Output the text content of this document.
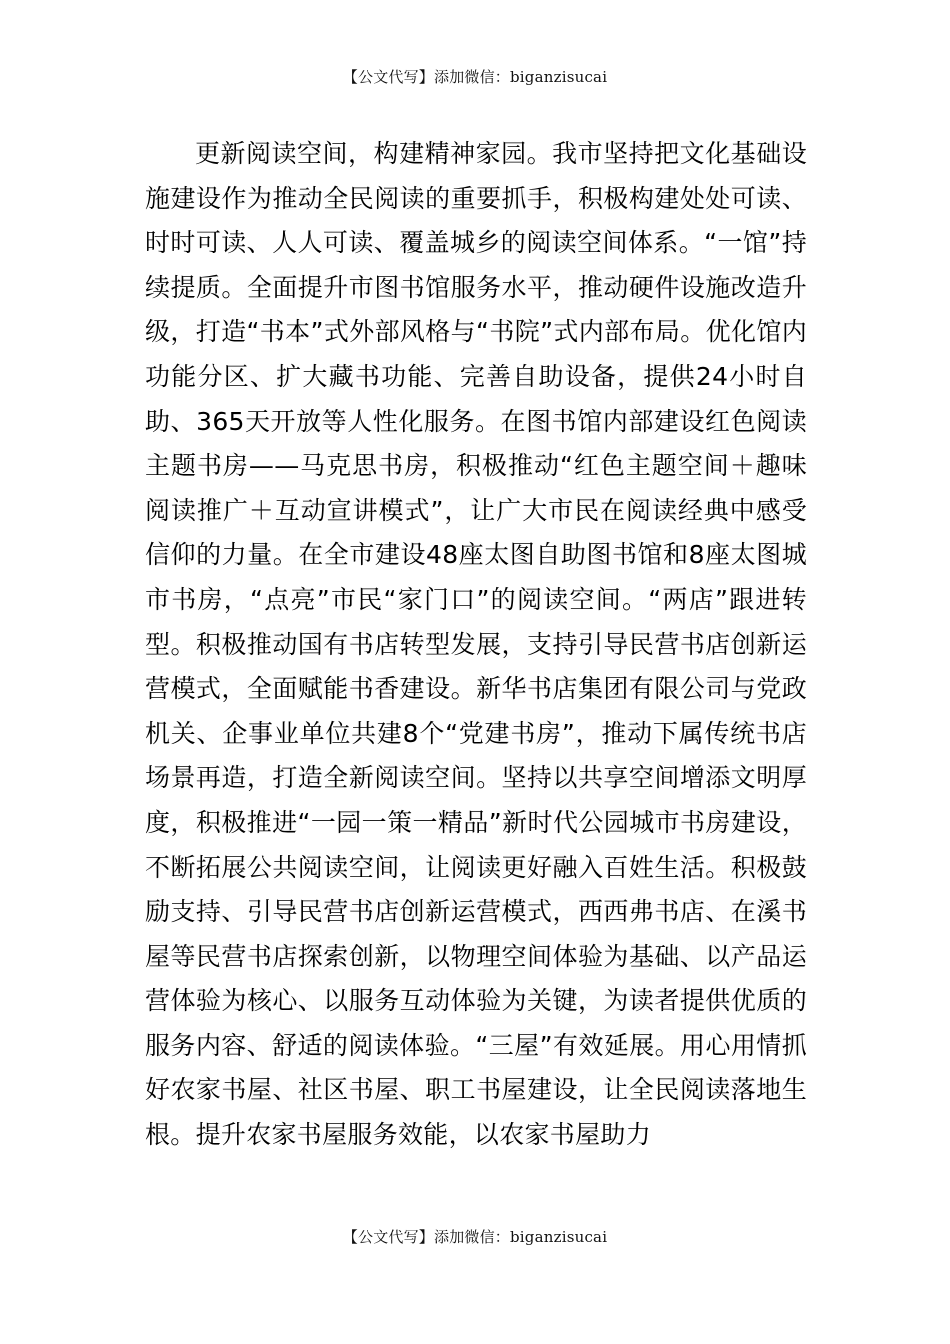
【公文代写】添加微信：biganzisucai

更新阅读空间，构建精神家园。我市坚持把文化基础设施建设作为推动全民阅读的重要抓手，积极构建处处可读、时时可读、人人可读、覆盖城乡的阅读空间体系。“一馆”持续提质。全面提升市图书馆服务水平，推动硬件设施改造升级，打造“书本”式外部风格与“书院”式内部布局。优化馆内功能分区、扩大藏书功能、完善自助设备，提供24小时自助、365天开放等人性化服务。在图书馆内部建设红色阅读主题书房——马克思书房，积极推动“红色主题空间＋趣味阅读推广＋互动宣讲模式”，让广大市民在阅读经典中感受信仰的力量。在全市建设48座太图自助图书馆和8座太图城市书房，“点亮”市民“家门口”的阅读空间。“两店”跟进转型。积极推动国有书店转型发展，支持引导民营书店创新运营模式，全面赋能书香建设。新华书店集团有限公司与党政机关、企事业单位共建8个“党建书房”，推动下属传统书店场景再造，打造全新阅读空间。坚持以共享空间增添文明厚度，积极推进“一园一策一精品”新时代公园城市书房建设，不断拓展公共阅读空间，让阅读更好融入百姓生活。积极鼓励支持、引导民营书店创新运营模式，西西弗书店、在溪书屋等民营书店探索创新，以物理空间体验为基础、以产品运营体验为核心、以服务互动体验为关键，为读者提供优质的服务内容、舒适的阅读体验。“三屋”有效延展。用心用情抓好农家书屋、社区书屋、职工书屋建设，让全民阅读落地生根。提升农家书屋服务效能，以农家书屋助力

【公文代写】添加微信：biganzisucai
